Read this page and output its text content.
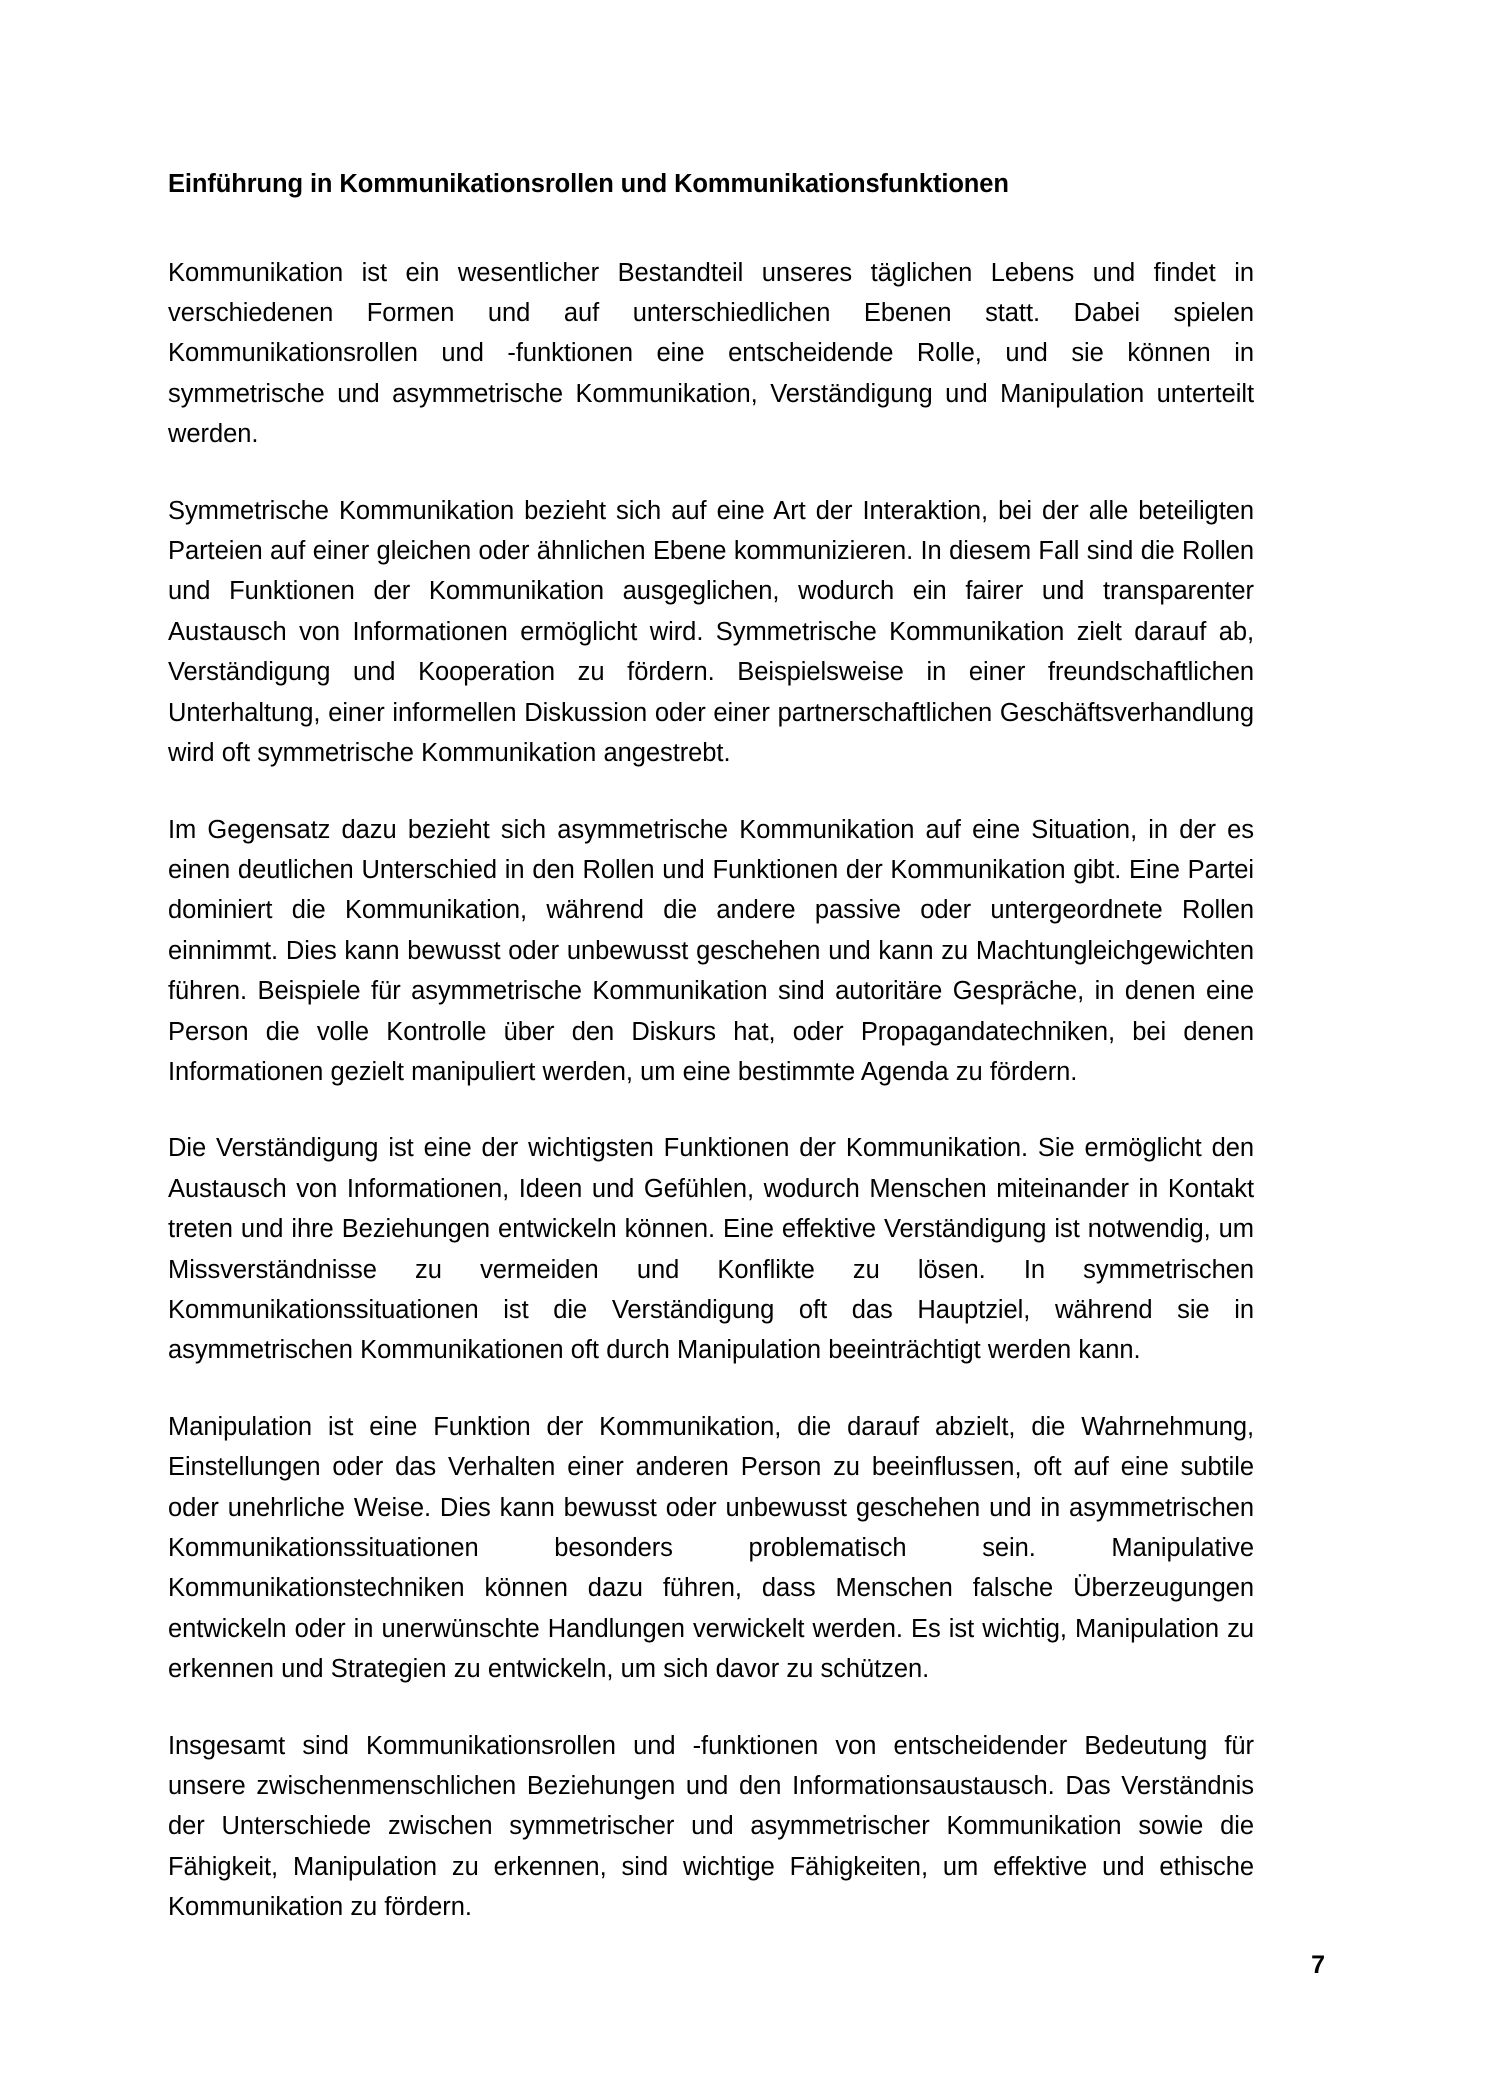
Einführung in Kommunikationsrollen und Kommunikationsfunktionen

Kommunikation ist ein wesentlicher Bestandteil unseres täglichen Lebens und findet in verschiedenen Formen und auf unterschiedlichen Ebenen statt. Dabei spielen Kommunikationsrollen und -funktionen eine entscheidende Rolle, und sie können in symmetrische und asymmetrische Kommunikation, Verständigung und Manipulation unterteilt werden.

Symmetrische Kommunikation bezieht sich auf eine Art der Interaktion, bei der alle beteiligten Parteien auf einer gleichen oder ähnlichen Ebene kommunizieren. In diesem Fall sind die Rollen und Funktionen der Kommunikation ausgeglichen, wodurch ein fairer und transparenter Austausch von Informationen ermöglicht wird. Symmetrische Kommunikation zielt darauf ab, Verständigung und Kooperation zu fördern. Beispielsweise in einer freundschaftlichen Unterhaltung, einer informellen Diskussion oder einer partnerschaftlichen Geschäftsverhandlung wird oft symmetrische Kommunikation angestrebt.

Im Gegensatz dazu bezieht sich asymmetrische Kommunikation auf eine Situation, in der es einen deutlichen Unterschied in den Rollen und Funktionen der Kommunikation gibt. Eine Partei dominiert die Kommunikation, während die andere passive oder untergeordnete Rollen einnimmt. Dies kann bewusst oder unbewusst geschehen und kann zu Machtungleichgewichten führen. Beispiele für asymmetrische Kommunikation sind autoritäre Gespräche, in denen eine Person die volle Kontrolle über den Diskurs hat, oder Propagandatechniken, bei denen Informationen gezielt manipuliert werden, um eine bestimmte Agenda zu fördern.

Die Verständigung ist eine der wichtigsten Funktionen der Kommunikation. Sie ermöglicht den Austausch von Informationen, Ideen und Gefühlen, wodurch Menschen miteinander in Kontakt treten und ihre Beziehungen entwickeln können. Eine effektive Verständigung ist notwendig, um Missverständnisse zu vermeiden und Konflikte zu lösen. In symmetrischen Kommunikationssituationen ist die Verständigung oft das Hauptziel, während sie in asymmetrischen Kommunikationen oft durch Manipulation beeinträchtigt werden kann.

Manipulation ist eine Funktion der Kommunikation, die darauf abzielt, die Wahrnehmung, Einstellungen oder das Verhalten einer anderen Person zu beeinflussen, oft auf eine subtile oder unehrliche Weise. Dies kann bewusst oder unbewusst geschehen und in asymmetrischen Kommunikationssituationen besonders problematisch sein. Manipulative Kommunikationstechniken können dazu führen, dass Menschen falsche Überzeugungen entwickeln oder in unerwünschte Handlungen verwickelt werden. Es ist wichtig, Manipulation zu erkennen und Strategien zu entwickeln, um sich davor zu schützen.

Insgesamt sind Kommunikationsrollen und -funktionen von entscheidender Bedeutung für unsere zwischenmenschlichen Beziehungen und den Informationsaustausch. Das Verständnis der Unterschiede zwischen symmetrischer und asymmetrischer Kommunikation sowie die Fähigkeit, Manipulation zu erkennen, sind wichtige Fähigkeiten, um effektive und ethische Kommunikation zu fördern.

7
